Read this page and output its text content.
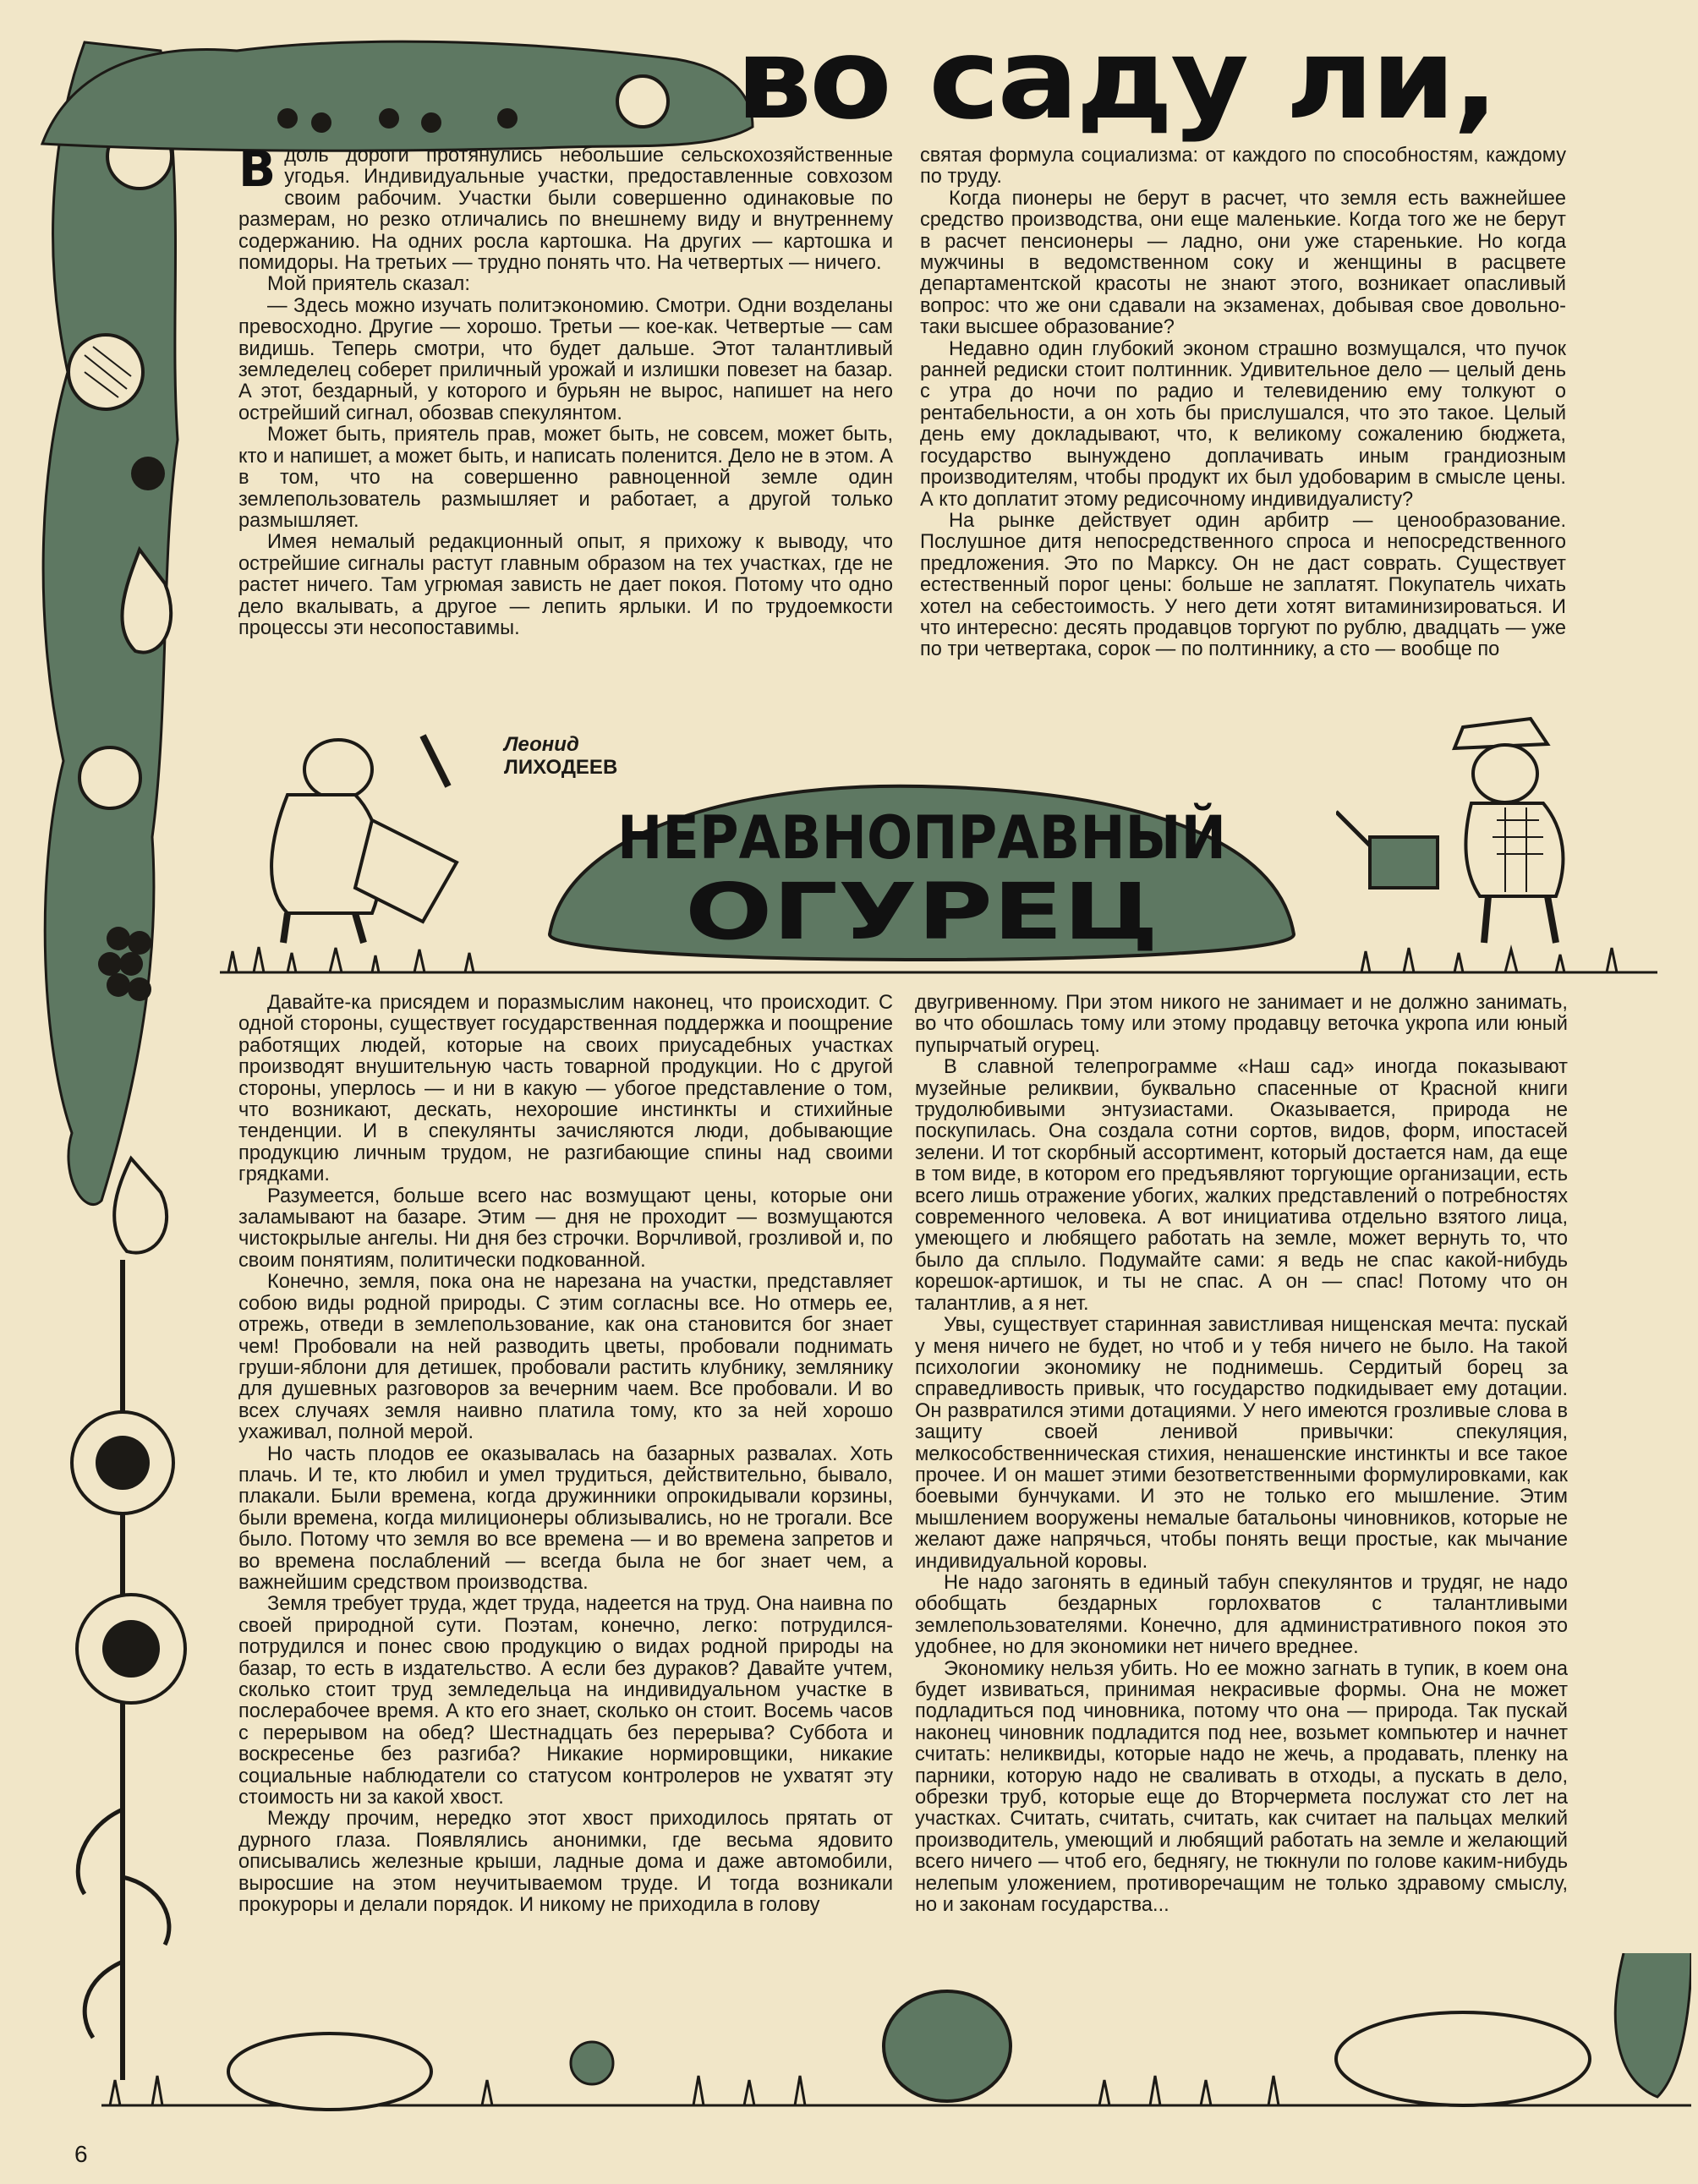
во саду ли,

Вдоль дороги протянулись небольшие сельскохозяйственные угодья. Индивидуальные участки, предоставленные совхозом своим рабочим. Участки были совершенно одинаковые по размерам, но резко отличались по внешнему виду и внутреннему содержанию. На одних росла картошка. На других — картошка и помидоры. На третьих — трудно понять что. На четвертых — ничего.

Мой приятель сказал:

— Здесь можно изучать политэкономию. Смотри. Одни возделаны превосходно. Другие — хорошо. Третьи — кое-как. Четвертые — сам видишь. Теперь смотри, что будет дальше. Этот талантливый земледелец соберет приличный урожай и излишки повезет на базар. А этот, бездарный, у которого и бурьян не вырос, напишет на него острейший сигнал, обозвав спекулянтом.

Может быть, приятель прав, может быть, не совсем, может быть, кто и напишет, а может быть, и написать поленится. Дело не в этом. А в том, что на совершенно равноценной земле один землепользователь размышляет и работает, а другой только размышляет.

Имея немалый редакционный опыт, я прихожу к выводу, что острейшие сигналы растут главным образом на тех участках, где не растет ничего. Там угрюмая зависть не дает покоя. Потому что одно дело вкалывать, а другое — лепить ярлыки. И по трудоемкости процессы эти несопоставимы.

святая формула социализма: от каждого по способностям, каждому по труду.

Когда пионеры не берут в расчет, что земля есть важнейшее средство производства, они еще маленькие. Когда того же не берут в расчет пенсионеры — ладно, они уже старенькие. Но когда мужчины в ведомственном соку и женщины в расцвете департаментской красоты не знают этого, возникает опасливый вопрос: что же они сдавали на экзаменах, добывая свое довольно-таки высшее образование?

Недавно один глубокий эконом страшно возмущался, что пучок ранней редиски стоит полтинник. Удивительное дело — целый день с утра до ночи по радио и телевидению ему толкуют о рентабельности, а он хоть бы прислушался, что это такое. Целый день ему докладывают, что, к великому сожалению бюджета, государство вынуждено доплачивать иным грандиозным производителям, чтобы продукт их был удобоварим в смысле цены. А кто доплатит этому редисочному индивидуалисту?

На рынке действует один арбитр — ценообразование. Послушное дитя непосредственного спроса и непосредственного предложения. Это по Марксу. Он не даст соврать. Существует естественный порог цены: больше не заплатят. Покупатель чихать хотел на себестоимость. У него дети хотят витаминизироваться. И что интересно: десять продавцов торгуют по рублю, двадцать — уже по три четвертака, сорок — по полтиннику, а сто — вообще по

Леонид
ЛИХОДЕЕВ
НЕРАВНОПРАВНЫЙ
ОГУРЕЦ

Давайте-ка присядем и поразмыслим наконец, что происходит. С одной стороны, существует государственная поддержка и поощрение работящих людей, которые на своих приусадебных участках производят внушительную часть товарной продукции. Но с другой стороны, уперлось — и ни в какую — убогое представление о том, что возникают, дескать, нехорошие инстинкты и стихийные тенденции. И в спекулянты зачисляются люди, добывающие продукцию личным трудом, не разгибающие спины над своими грядками.

Разумеется, больше всего нас возмущают цены, которые они заламывают на базаре. Этим — дня не проходит — возмущаются чистокрылые ангелы. Ни дня без строчки. Ворчливой, грозливой и, по своим понятиям, политически подкованной.

Конечно, земля, пока она не нарезана на участки, представляет собою виды родной природы. С этим согласны все. Но отмерь ее, отрежь, отведи в землепользование, как она становится бог знает чем! Пробовали на ней разводить цветы, пробовали поднимать груши-яблони для детишек, пробовали растить клубнику, землянику для душевных разговоров за вечерним чаем. Все пробовали. И во всех случаях земля наивно платила тому, кто за ней хорошо ухаживал, полной мерой.

Но часть плодов ее оказывалась на базарных развалах. Хоть плачь. И те, кто любил и умел трудиться, действительно, бывало, плакали. Были времена, когда дружинники опрокидывали корзины, были времена, когда милиционеры облизывались, но не трогали. Все было. Потому что земля во все времена — и во времена запретов и во времена послаблений — всегда была не бог знает чем, а важнейшим средством производства.

Земля требует труда, ждет труда, надеется на труд. Она наивна по своей природной сути. Поэтам, конечно, легко: потрудился-потрудился и понес свою продукцию о видах родной природы на базар, то есть в издательство. А если без дураков? Давайте учтем, сколько стоит труд земледельца на индивидуальном участке в послерабочее время. А кто его знает, сколько он стоит. Восемь часов с перерывом на обед? Шестнадцать без перерыва? Суббота и воскресенье без разгиба? Никакие нормировщики, никакие социальные наблюдатели со статусом контролеров не ухватят эту стоимость ни за какой хвост.

Между прочим, нередко этот хвост приходилось прятать от дурного глаза. Появлялись анонимки, где весьма ядовито описывались железные крыши, ладные дома и даже автомобили, выросшие на этом неучитываемом труде. И тогда возникали прокуроры и делали порядок. И никому не приходила в голову

двугривенному. При этом никого не занимает и не должно занимать, во что обошлась тому или этому продавцу веточка укропа или юный пупырчатый огурец.

В славной телепрограмме «Наш сад» иногда показывают музейные реликвии, буквально спасенные от Красной книги трудолюбивыми энтузиастами. Оказывается, природа не поскупилась. Она создала сотни сортов, видов, форм, ипостасей зелени. И тот скорбный ассортимент, который достается нам, да еще в том виде, в котором его предъявляют торгующие организации, есть всего лишь отражение убогих, жалких представлений о потребностях современного человека. А вот инициатива отдельно взятого лица, умеющего и любящего работать на земле, может вернуть то, что было да сплыло. Подумайте сами: я ведь не спас какой-нибудь корешок-артишок, и ты не спас. А он — спас! Потому что он талантлив, а я нет.

Увы, существует старинная завистливая нищенская мечта: пускай у меня ничего не будет, но чтоб и у тебя ничего не было. На такой психологии экономику не поднимешь. Сердитый борец за справедливость привык, что государство подкидывает ему дотации. Он развратился этими дотациями. У него имеются грозливые слова в защиту своей ленивой привычки: спекуляция, мелкособственническая стихия, ненашенские инстинкты и все такое прочее. И он машет этими безответственными формулировками, как боевыми бунчуками. И это не только его мышление. Этим мышлением вооружены немалые батальоны чиновников, которые не желают даже напрячься, чтобы понять вещи простые, как мычание индивидуальной коровы.

Не надо загонять в единый табун спекулянтов и трудяг, не надо обобщать бездарных горлохватов с талантливыми землепользователями. Конечно, для административного покоя это удобнее, но для экономики нет ничего вреднее.

Экономику нельзя убить. Но ее можно загнать в тупик, в коем она будет извиваться, принимая некрасивые формы. Она не может подладиться под чиновника, потому что она — природа. Так пускай наконец чиновник подладится под нее, возьмет компьютер и начнет считать: неликвиды, которые надо не жечь, а продавать, пленку на парники, которую надо не сваливать в отходы, а пускать в дело, обрезки труб, которые еще до Вторчермета послужат сто лет на участках. Считать, считать, считать, как считает на пальцах мелкий производитель, умеющий и любящий работать на земле и желающий всего ничего — чтоб его, беднягу, не тюкнули по голове каким-нибудь нелепым уложением, противоречащим не только здравому смыслу, но и законам государства...

6
